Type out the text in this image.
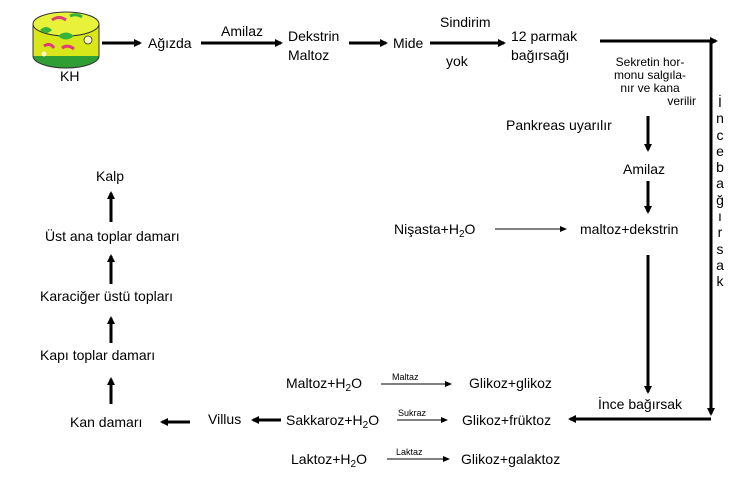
KH
Ağızda
Amilaz Dekstrin
Maltoz
Mide
Sindirim
yok
12 parmak
bağırsağı	Sekretin hor-
monu salgıla-
nır ve kana
verilir İ
n
c
e
b
a
ğ
ı
r
s
a
k
Pankreas uyarılır
Amilaz
$Nişasta+H_2O$	maltoz+dekstrin
İnce bağırsak
$Maltoz+H_2O$	Maltaz	Glikoz+glikoz
$Sakkaroz+H_2O$ Sukraz	Glikoz+früktoz
$Laktoz+H_2O$	Laktaz	Glikoz+galaktoz
Villus
Kan damarı
Kapı toplar damarı
Karaciğer üstü topları
Üst ana toplar damarı
Kalp
